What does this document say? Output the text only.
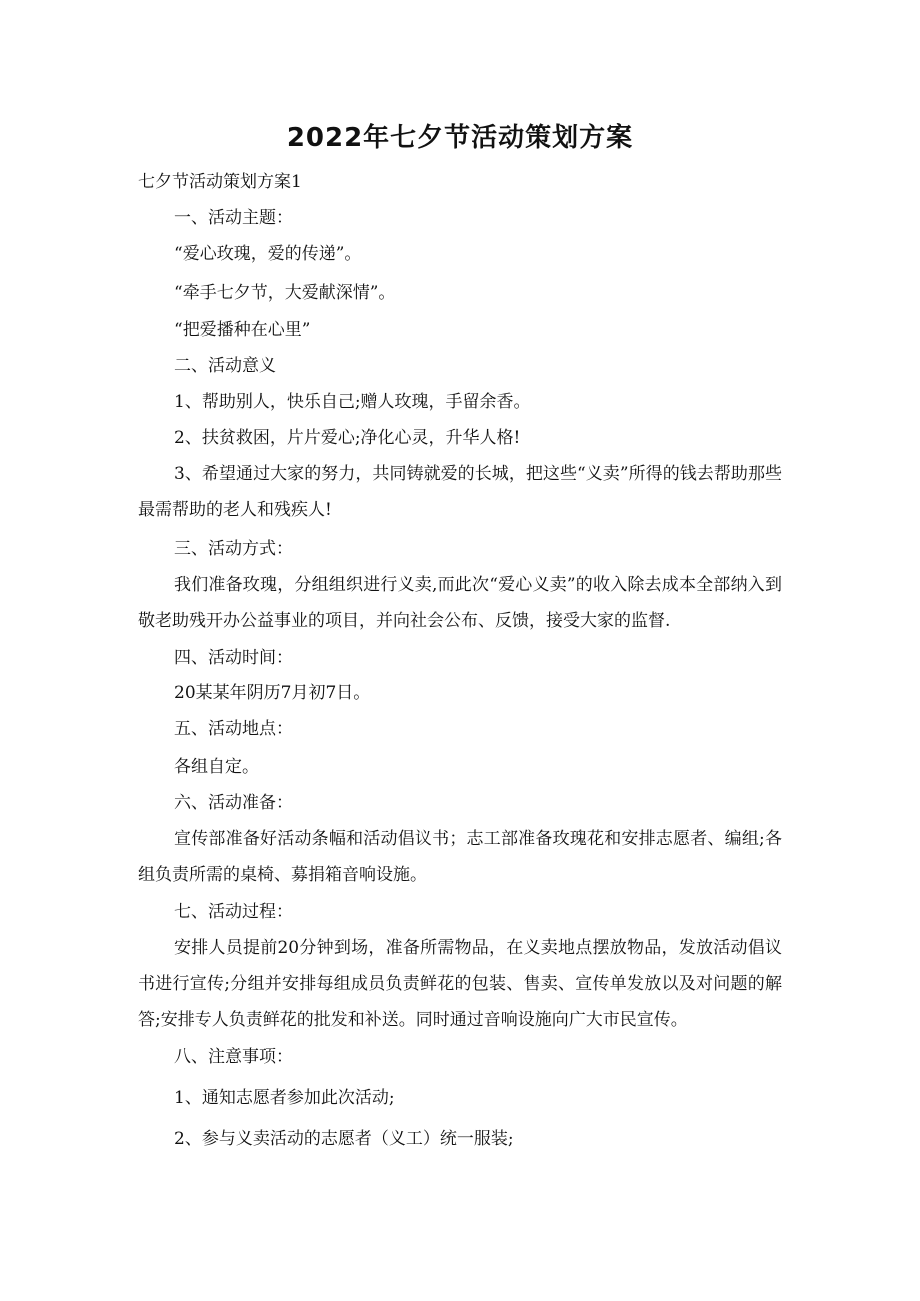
2022年七夕节活动策划方案
七夕节活动策划方案1
一、活动主题：
“爱心玫瑰，爱的传递”。
“牵手七夕节，大爱献深情”。
“把爱播种在心里”
二、活动意义
1、帮助别人，快乐自己;赠人玫瑰，手留余香。
2、扶贫救困，片片爱心;净化心灵，升华人格!
3、希望通过大家的努力，共同铸就爱的长城，把这些“义卖”所得的钱去帮助那些最需帮助的老人和残疾人!
三、活动方式：
我们准备玫瑰，分组组织进行义卖,而此次“爱心义卖”的收入除去成本全部纳入到敬老助残开办公益事业的项目，并向社会公布、反馈，接受大家的监督.
四、活动时间：
20某某年阴历7月初7日。
五、活动地点：
各组自定。
六、活动准备：
宣传部准备好活动条幅和活动倡议书；志工部准备玫瑰花和安排志愿者、编组;各组负责所需的桌椅、募捐箱音响设施。
七、活动过程：
安排人员提前20分钟到场，准备所需物品，在义卖地点摆放物品，发放活动倡议书进行宣传;分组并安排每组成员负责鲜花的包装、售卖、宣传单发放以及对问题的解答;安排专人负责鲜花的批发和补送。同时通过音响设施向广大市民宣传。
八、注意事项：
1、通知志愿者参加此次活动;
2、参与义卖活动的志愿者（义工）统一服装;
